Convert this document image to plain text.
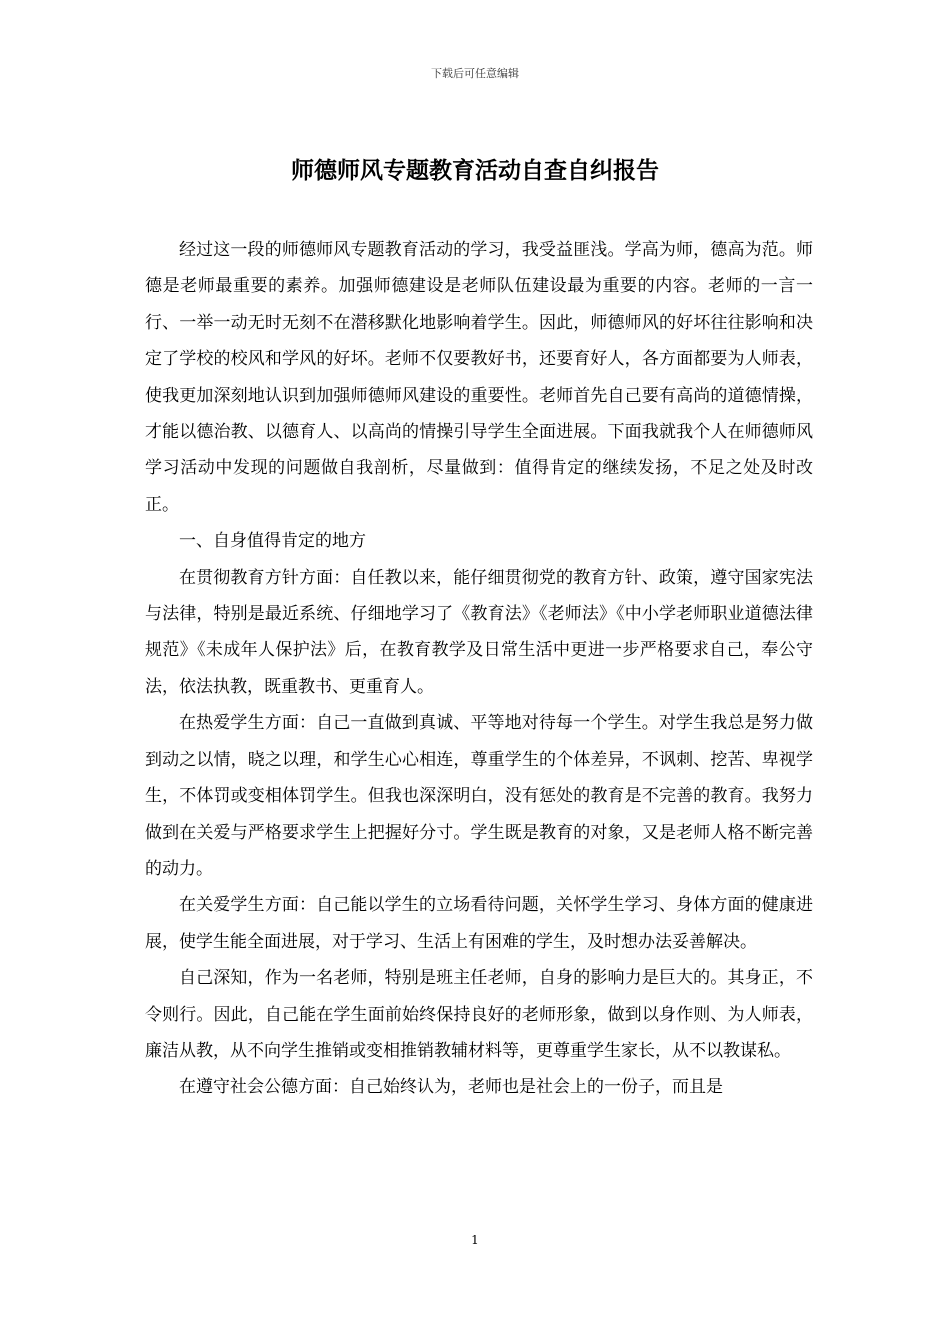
下载后可任意编辑
师德师风专题教育活动自查自纠报告

经过这一段的师德师风专题教育活动的学习，我受益匪浅。学高为师，德高为范。师德是老师最重要的素养。加强师德建设是老师队伍建设最为重要的内容。老师的一言一行、一举一动无时无刻不在潜移默化地影响着学生。因此，师德师风的好坏往往影响和决定了学校的校风和学风的好坏。老师不仅要教好书，还要育好人，各方面都要为人师表，使我更加深刻地认识到加强师德师风建设的重要性。老师首先自己要有高尚的道德情操，才能以德治教、以德育人、以高尚的情操引导学生全面进展。下面我就我个人在师德师风学习活动中发现的问题做自我剖析，尽量做到：值得肯定的继续发扬，不足之处及时改正。

一、自身值得肯定的地方

在贯彻教育方针方面：自任教以来，能仔细贯彻党的教育方针、政策，遵守国家宪法与法律，特别是最近系统、仔细地学习了《教育法》《老师法》《中小学老师职业道德法律规范》《未成年人保护法》后，在教育教学及日常生活中更进一步严格要求自己，奉公守法，依法执教，既重教书、更重育人。

在热爱学生方面：自己一直做到真诚、平等地对待每一个学生。对学生我总是努力做到动之以情，晓之以理，和学生心心相连，尊重学生的个体差异，不讽刺、挖苦、卑视学生，不体罚或变相体罚学生。但我也深深明白，没有惩处的教育是不完善的教育。我努力做到在关爱与严格要求学生上把握好分寸。学生既是教育的对象，又是老师人格不断完善的动力。

在关爱学生方面：自己能以学生的立场看待问题，关怀学生学习、身体方面的健康进展，使学生能全面进展，对于学习、生活上有困难的学生，及时想办法妥善解决。

自己深知，作为一名老师，特别是班主任老师，自身的影响力是巨大的。其身正，不令则行。因此，自己能在学生面前始终保持良好的老师形象，做到以身作则、为人师表，廉洁从教，从不向学生推销或变相推销教辅材料等，更尊重学生家长，从不以教谋私。

在遵守社会公德方面：自己始终认为，老师也是社会上的一份子，而且是

1
